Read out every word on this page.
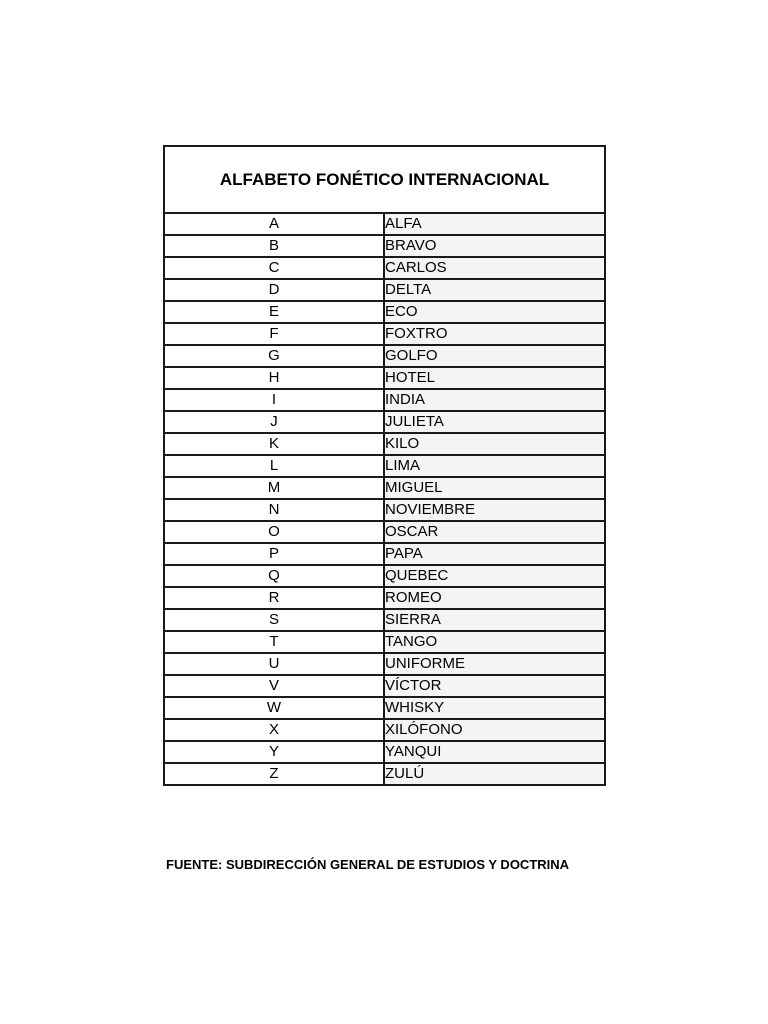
ALFABETO FONÉTICO INTERNACIONAL	
A	ALFA
B	BRAVO
C	CARLOS
D	DELTA
E	ECO
F	FOXTRO
G	GOLFO
H	HOTEL
I	INDIA
J	JULIETA
K	KILO
L	LIMA
M	MIGUEL
N	NOVIEMBRE
O	OSCAR
P	PAPA
Q	QUEBEC
R	ROMEO
S	SIERRA
T	TANGO
U	UNIFORME
V	VÍCTOR
W	WHISKY
X	XILÓFONO
Y	YANQUI
Z	ZULÚ
FUENTE: SUBDIRECCIÓN GENERAL DE ESTUDIOS Y DOCTRINA
